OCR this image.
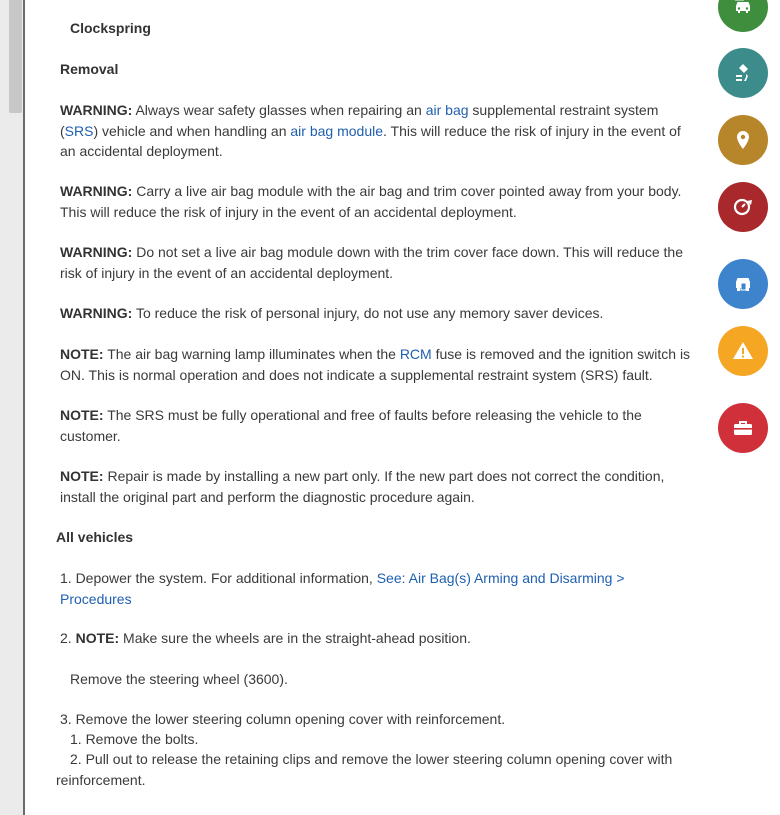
Clockspring

Removal

WARNING: Always wear safety glasses when repairing an air bag supplemental restraint system (SRS) vehicle and when handling an air bag module. This will reduce the risk of injury in the event of an accidental deployment.

WARNING: Carry a live air bag module with the air bag and trim cover pointed away from your body. This will reduce the risk of injury in the event of an accidental deployment.

WARNING: Do not set a live air bag module down with the trim cover face down. This will reduce the risk of injury in the event of an accidental deployment.

WARNING: To reduce the risk of personal injury, do not use any memory saver devices.

NOTE: The air bag warning lamp illuminates when the RCM fuse is removed and the ignition switch is ON. This is normal operation and does not indicate a supplemental restraint system (SRS) fault.

NOTE: The SRS must be fully operational and free of faults before releasing the vehicle to the customer.

NOTE: Repair is made by installing a new part only. If the new part does not correct the condition, install the original part and perform the diagnostic procedure again.

All vehicles

1. Depower the system. For additional information, See: Air Bag(s) Arming and Disarming > Procedures

2. NOTE: Make sure the wheels are in the straight-ahead position.

Remove the steering wheel (3600).

3. Remove the lower steering column opening cover with reinforcement.

1. Remove the bolts.

2. Pull out to release the retaining clips and remove the lower steering column opening cover with reinforcement.
